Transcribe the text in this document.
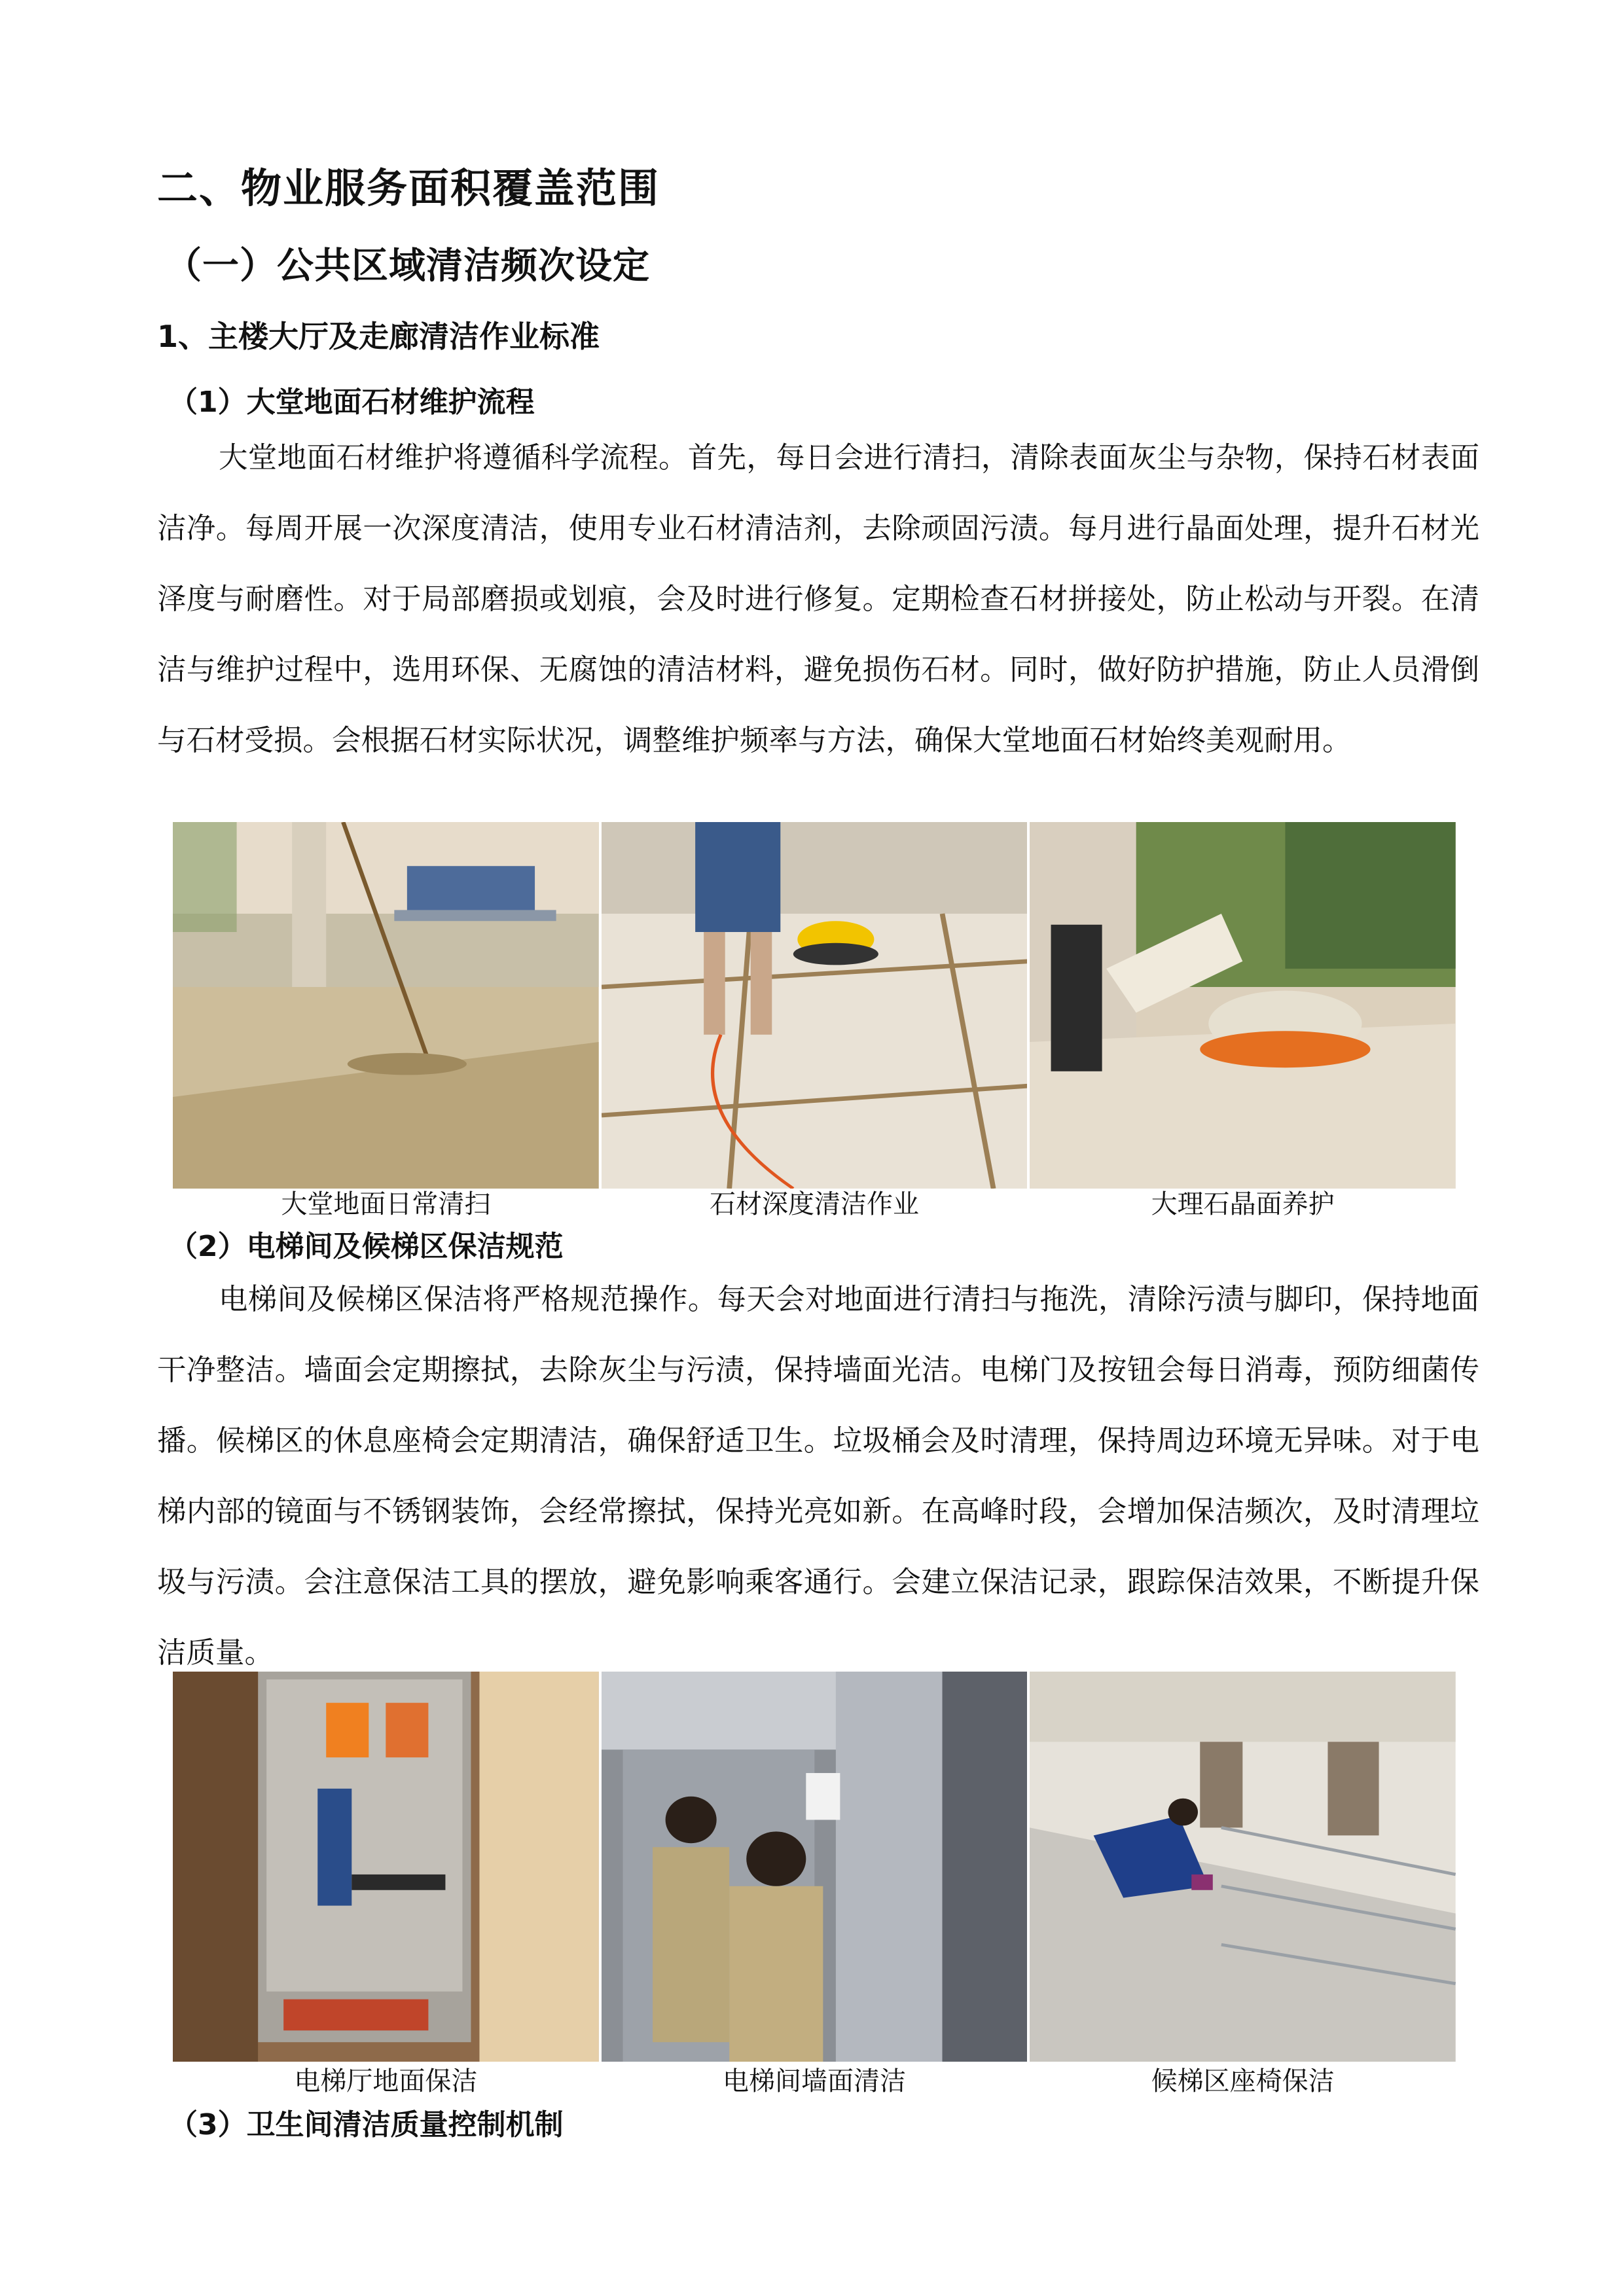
二、物业服务面积覆盖范围
（一）公共区域清洁频次设定
1、主楼大厅及走廊清洁作业标准
（1）大堂地面石材维护流程

大堂地面石材维护将遵循科学流程。首先，每日会进行清扫，清除表面灰尘与杂物，保持石材表面洁净。每周开展一次深度清洁，使用专业石材清洁剂，去除顽固污渍。每月进行晶面处理，提升石材光泽度与耐磨性。对于局部磨损或划痕，会及时进行修复。定期检查石材拼接处，防止松动与开裂。在清洁与维护过程中，选用环保、无腐蚀的清洁材料，避免损伤石材。同时，做好防护措施，防止人员滑倒与石材受损。会根据石材实际状况，调整维护频率与方法，确保大堂地面石材始终美观耐用。

大堂地面日常清扫	石材深度清洁作业	大理石晶面养护
（2）电梯间及候梯区保洁规范

电梯间及候梯区保洁将严格规范操作。每天会对地面进行清扫与拖洗，清除污渍与脚印，保持地面干净整洁。墙面会定期擦拭，去除灰尘与污渍，保持墙面光洁。电梯门及按钮会每日消毒，预防细菌传播。候梯区的休息座椅会定期清洁，确保舒适卫生。垃圾桶会及时清理，保持周边环境无异味。对于电梯内部的镜面与不锈钢装饰，会经常擦拭，保持光亮如新。在高峰时段，会增加保洁频次，及时清理垃圾与污渍。会注意保洁工具的摆放，避免影响乘客通行。会建立保洁记录，跟踪保洁效果，不断提升保洁质量。

电梯厅地面保洁	电梯间墙面清洁	候梯区座椅保洁
（3）卫生间清洁质量控制机制
